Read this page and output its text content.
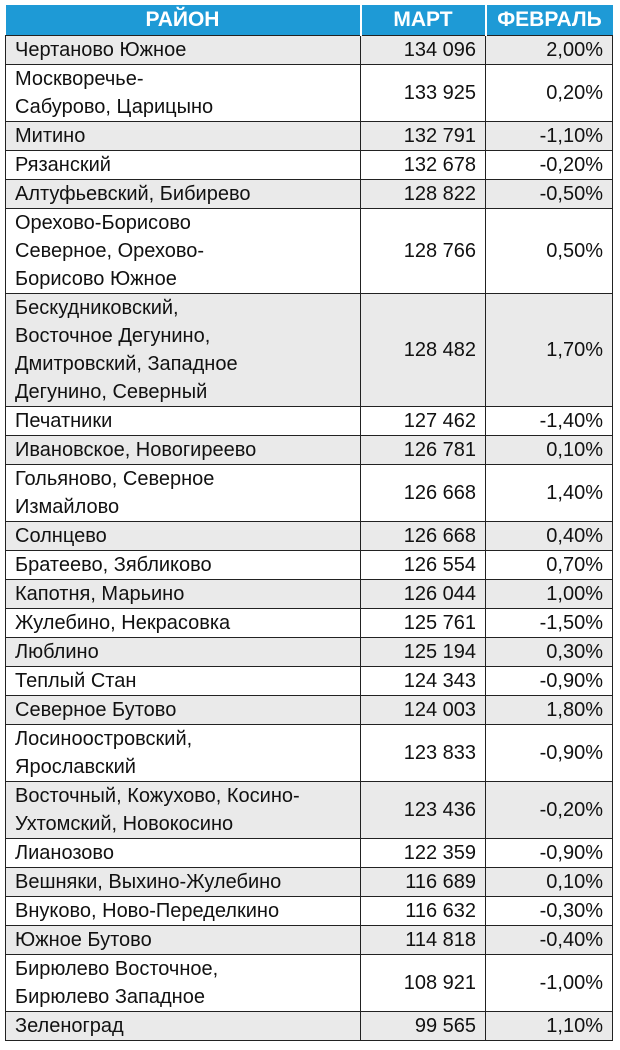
РАЙОН	МАРТ	ФЕВРАЛЬ
Чертаново Южное	134 096	2,00%
Москворечье-
Сабурово, Царицыно	133 925	0,20%
Митино	132 791	-1,10%
Рязанский	132 678	-0,20%
Алтуфьевский, Бибирево	128 822	-0,50%
Орехово-Борисово
Северное, Орехово-
Борисово Южное	128 766	0,50%
Бескудниковский,
Восточное Дегунино,
Дмитровский, Западное
Дегунино, Северный	128 482	1,70%
Печатники	127 462	-1,40%
Ивановское, Новогиреево	126 781	0,10%
Гольяново, Северное
Измайлово	126 668	1,40%
Солнцево	126 668	0,40%
Братеево, Зябликово	126 554	0,70%
Капотня, Марьино	126 044	1,00%
Жулебино, Некрасовка	125 761	-1,50%
Люблино	125 194	0,30%
Теплый Стан	124 343	-0,90%
Северное Бутово	124 003	1,80%
Лосиноостровский,
Ярославский	123 833	-0,90%
Восточный, Кожухово, Косино-
Ухтомский, Новокосино	123 436	-0,20%
Лианозово	122 359	-0,90%
Вешняки, Выхино-Жулебино	116 689	0,10%
Внуково, Ново-Переделкино	116 632	-0,30%
Южное Бутово	114 818	-0,40%
Бирюлево Восточное,
Бирюлево Западное	108 921	-1,00%
Зеленоград	99 565	1,10%
